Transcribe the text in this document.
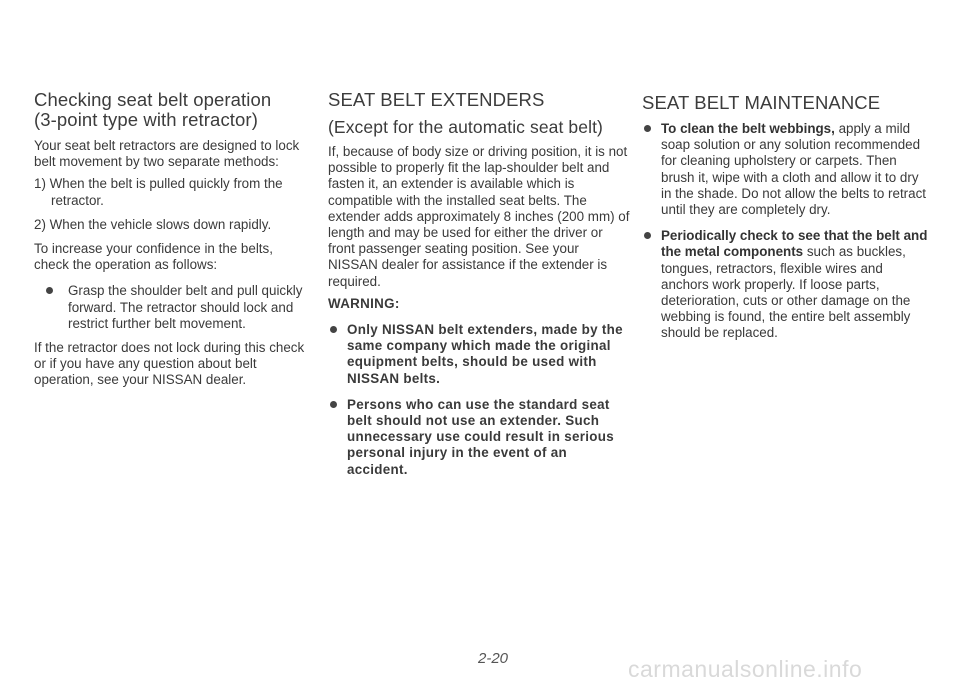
Checking seat belt operation
(3-point type with retractor)

Your seat belt retractors are designed to lock belt movement by two separate methods:

1) When the belt is pulled quickly from the retractor.

2) When the vehicle slows down rapidly.

To increase your confidence in the belts, check the operation as follows:

Grasp the shoulder belt and pull quickly forward. The retractor should lock and restrict further belt movement.

If the retractor does not lock during this check or if you have any question about belt operation, see your NISSAN dealer.

SEAT BELT EXTENDERS
(Except for the automatic seat belt)

If, because of body size or driving position, it is not possible to properly fit the lap-shoulder belt and fasten it, an extender is available which is compatible with the installed seat belts. The extender adds approximately 8 inches (200 mm) of length and may be used for either the driver or front passenger seating position. See your NISSAN dealer for assistance if the extender is required.

WARNING:

Only NISSAN belt extenders, made by the same company which made the original equipment belts, should be used with NISSAN belts.

Persons who can use the standard seat belt should not use an extender. Such unnecessary use could result in serious personal injury in the event of an accident.

SEAT BELT MAINTENANCE

To clean the belt webbings, apply a mild soap solution or any solution recommended for cleaning upholstery or carpets. Then brush it, wipe with a cloth and allow it to dry in the shade. Do not allow the belts to retract until they are completely dry.

Periodically check to see that the belt and the metal components such as buckles, tongues, retractors, flexible wires and anchors work properly. If loose parts, deterioration, cuts or other damage on the webbing is found, the entire belt assembly should be replaced.

2-20	carmanualsonline.info
